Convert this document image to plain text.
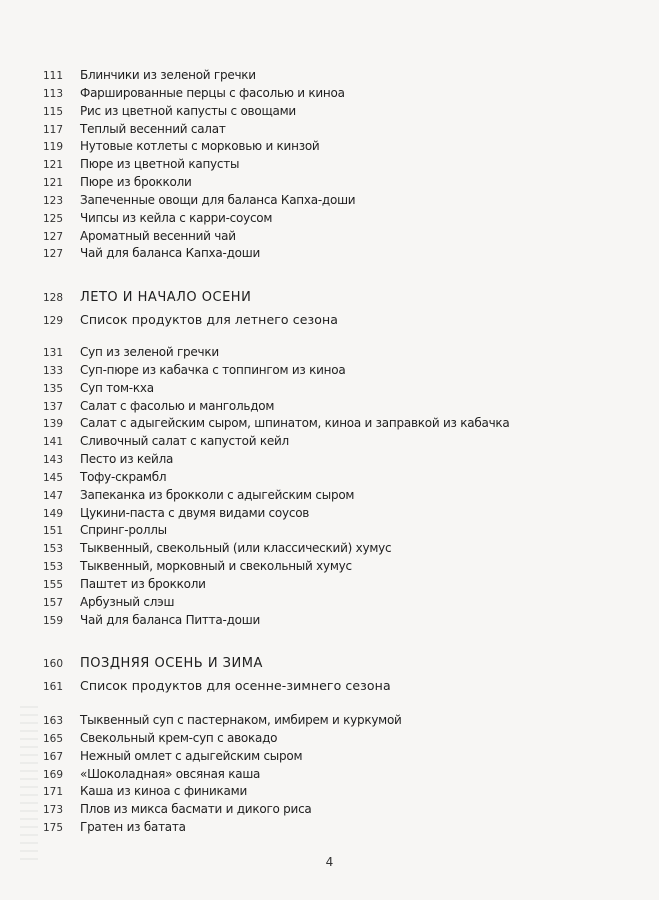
111	Блинчики из зеленой гречки
113	Фаршированные перцы с фасолью и киноа
115	Рис из цветной капусты с овощами
117	Теплый весенний салат
119	Нутовые котлеты с морковью и кинзой
121	Пюре из цветной капусты
121	Пюре из брокколи
123	Запеченные овощи для баланса Капха-доши
125	Чипсы из кейла с карри-соусом
127	Ароматный весенний чай
127	Чай для баланса Капха-доши
128	ЛЕТО И НАЧАЛО ОСЕНИ
129	Список продуктов для летнего сезона
131	Суп из зеленой гречки
133	Суп-пюре из кабачка с топпингом из киноа
135	Суп том-кха
137	Салат с фасолью и мангольдом
139	Салат с адыгейским сыром, шпинатом, киноа и заправкой из кабачка
141	Сливочный салат с капустой кейл
143	Песто из кейла
145	Тофу-скрамбл
147	Запеканка из брокколи с адыгейским сыром
149	Цукини-паста с двумя видами соусов
151	Спринг-роллы
153	Тыквенный, свекольный (или классический) хумус
153	Тыквенный, морковный и свекольный хумус
155	Паштет из брокколи
157	Арбузный слэш
159	Чай для баланса Питта-доши
160	ПОЗДНЯЯ ОСЕНЬ И ЗИМА
161	Список продуктов для осенне-зимнего сезона
163	Тыквенный суп с пастернаком, имбирем и куркумой
165	Свекольный крем-суп с авокадо
167	Нежный омлет с адыгейским сыром
169	«Шоколадная» овсяная каша
171	Каша из киноа с финиками
173	Плов из микса басмати и дикого риса
175	Гратен из батата
4
